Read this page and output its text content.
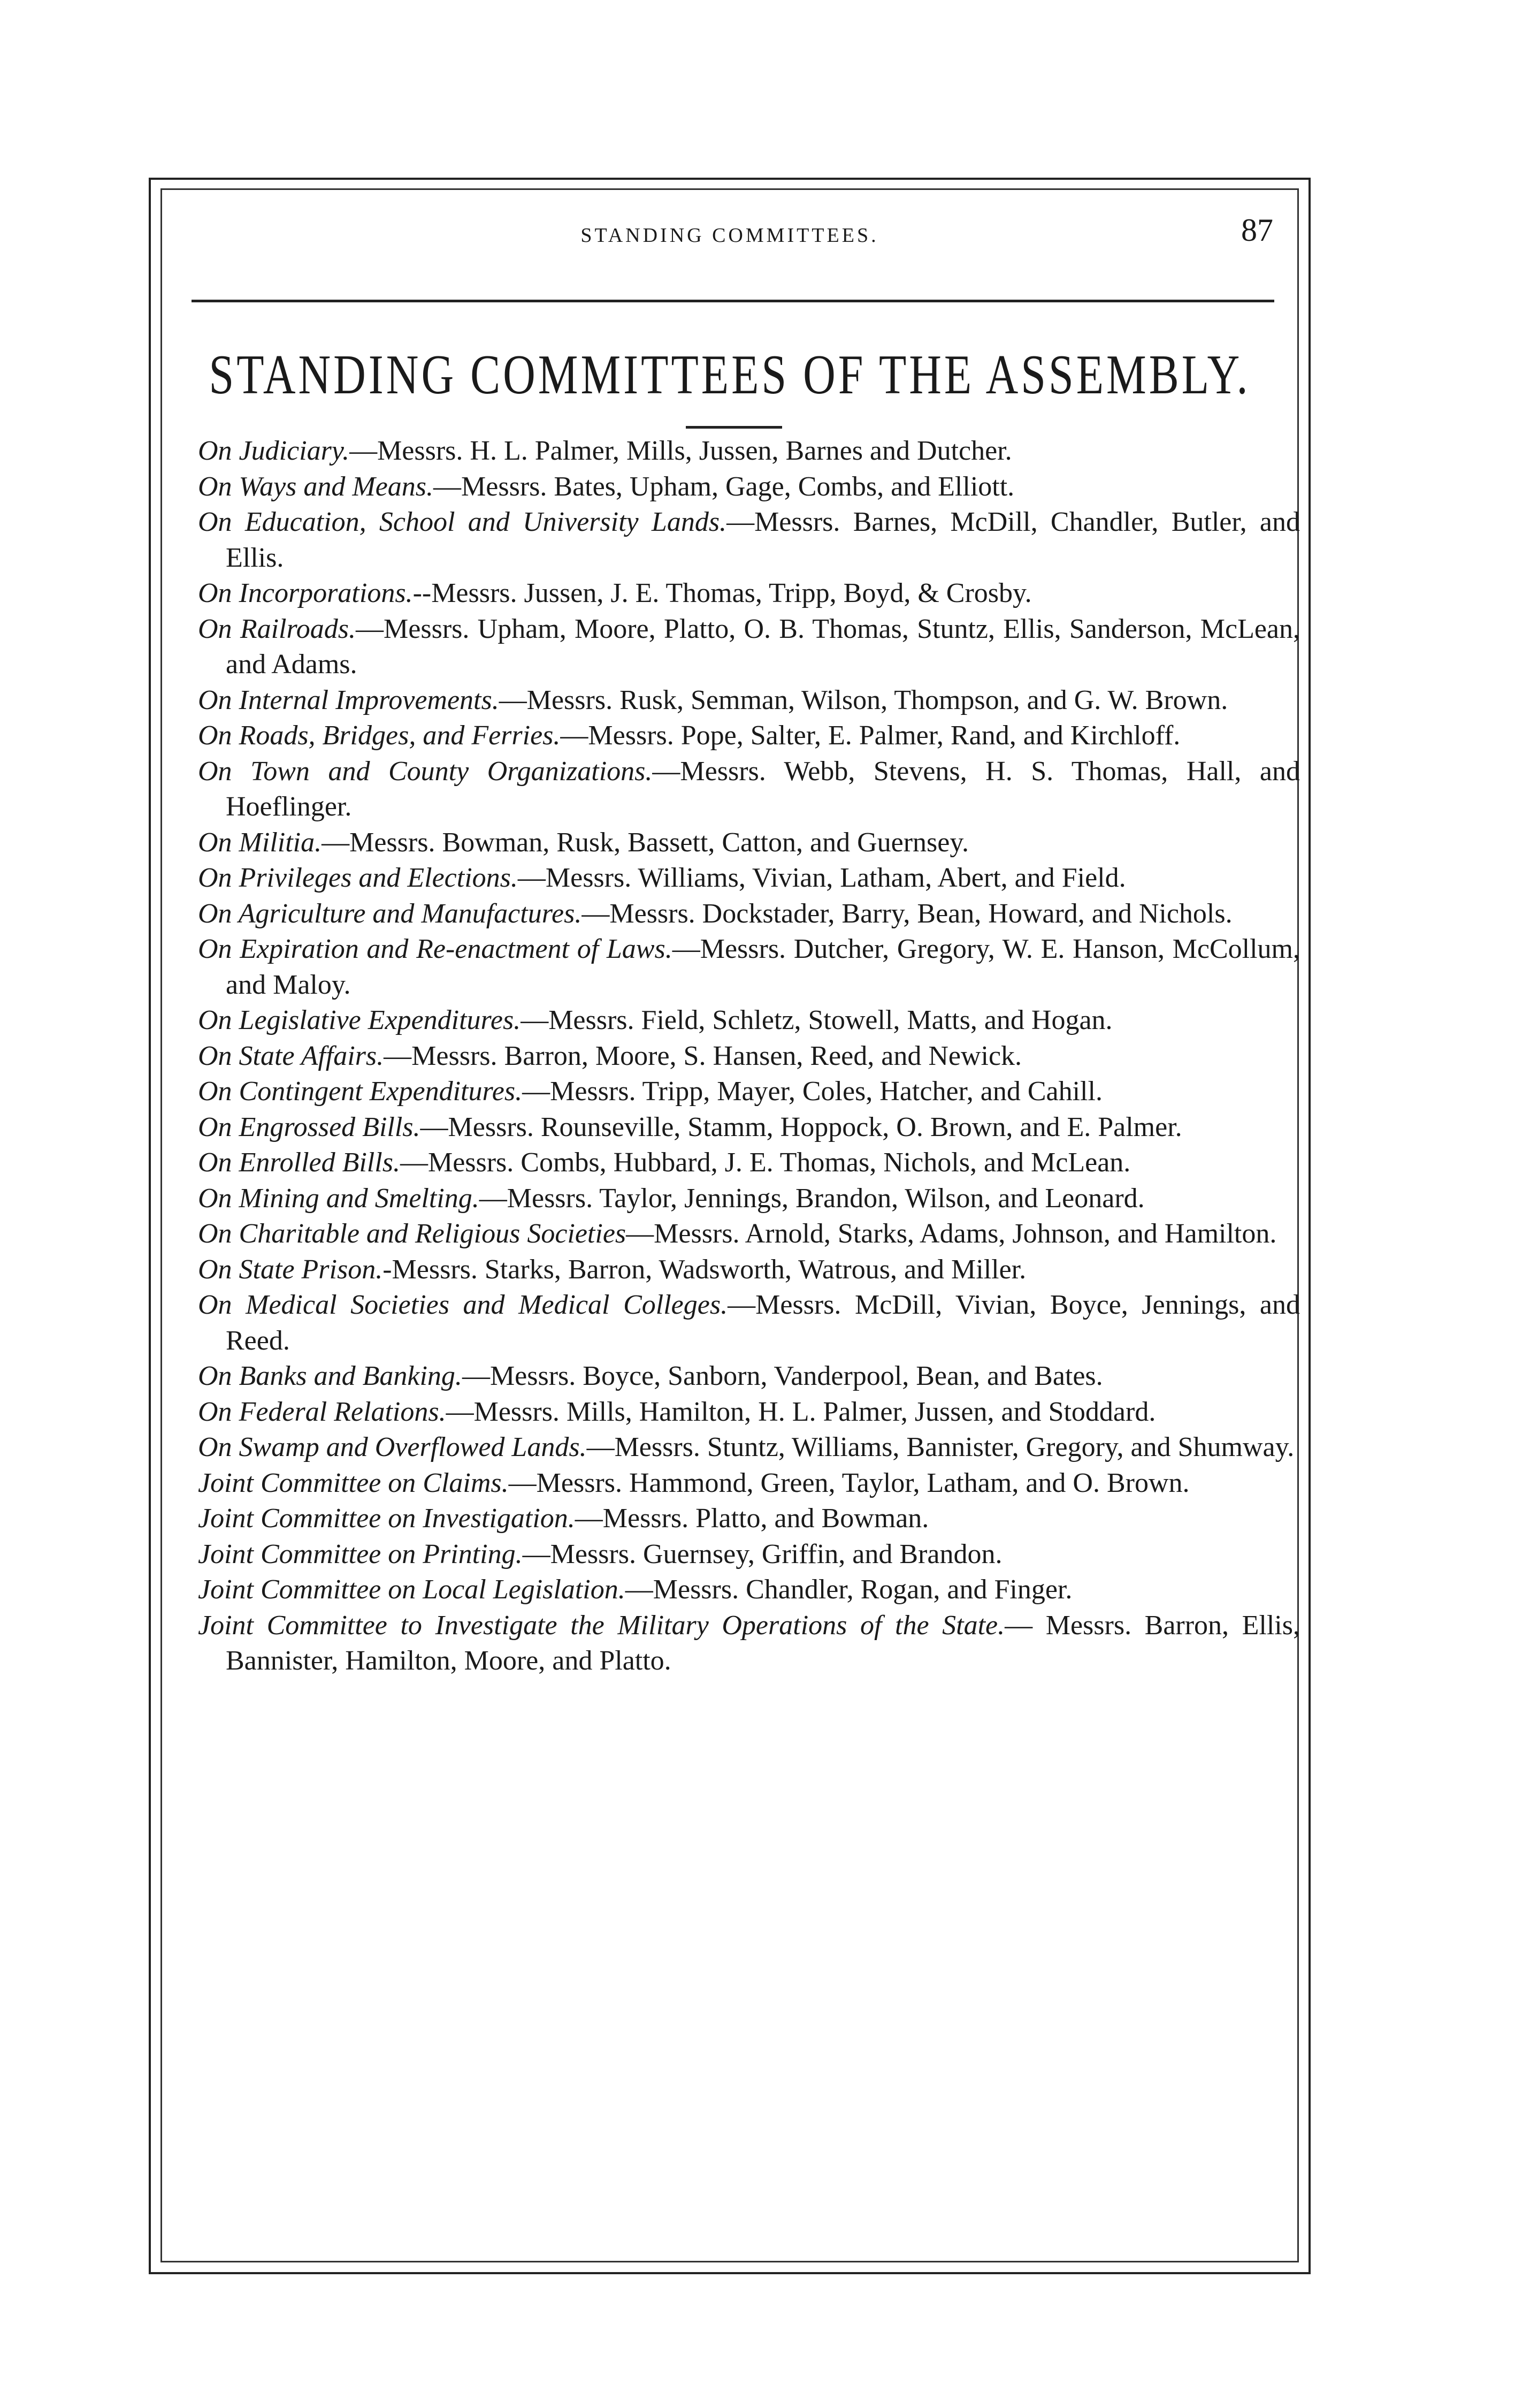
STANDING COMMITTEES.	87
STANDING COMMITTEES OF THE ASSEMBLY.
On Judiciary.—Messrs. H. L. Palmer, Mills, Jussen, Barnes and Dutcher.
On Ways and Means.—Messrs. Bates, Upham, Gage, Combs, and Elliott.
On Education, School and University Lands.—Messrs. Barnes, McDill, Chandler, Butler, and Ellis.
On Incorporations.--Messrs. Jussen, J. E. Thomas, Tripp, Boyd, & Crosby.
On Railroads.—Messrs. Upham, Moore, Platto, O. B. Thomas, Stuntz, Ellis, Sanderson, McLean, and Adams.
On Internal Improvements.—Messrs. Rusk, Semman, Wilson, Thompson, and G. W. Brown.
On Roads, Bridges, and Ferries.—Messrs. Pope, Salter, E. Palmer, Rand, and Kirchloff.
On Town and County Organizations.—Messrs. Webb, Stevens, H. S. Thomas, Hall, and Hoeflinger.
On Militia.—Messrs. Bowman, Rusk, Bassett, Catton, and Guernsey.
On Privileges and Elections.—Messrs. Williams, Vivian, Latham, Abert, and Field.
On Agriculture and Manufactures.—Messrs. Dockstader, Barry, Bean, Howard, and Nichols.
On Expiration and Re-enactment of Laws.—Messrs. Dutcher, Gregory, W. E. Hanson, McCollum, and Maloy.
On Legislative Expenditures.—Messrs. Field, Schletz, Stowell, Matts, and Hogan.
On State Affairs.—Messrs. Barron, Moore, S. Hansen, Reed, and Newick.
On Contingent Expenditures.—Messrs. Tripp, Mayer, Coles, Hatcher, and Cahill.
On Engrossed Bills.—Messrs. Rounseville, Stamm, Hoppock, O. Brown, and E. Palmer.
On Enrolled Bills.—Messrs. Combs, Hubbard, J. E. Thomas, Nichols, and McLean.
On Mining and Smelting.—Messrs. Taylor, Jennings, Brandon, Wilson, and Leonard.
On Charitable and Religious Societies—Messrs. Arnold, Starks, Adams, Johnson, and Hamilton.
On State Prison.-Messrs. Starks, Barron, Wadsworth, Watrous, and Miller.
On Medical Societies and Medical Colleges.—Messrs. McDill, Vivian, Boyce, Jennings, and Reed.
On Banks and Banking.—Messrs. Boyce, Sanborn, Vanderpool, Bean, and Bates.
On Federal Relations.—Messrs. Mills, Hamilton, H. L. Palmer, Jussen, and Stoddard.
On Swamp and Overflowed Lands.—Messrs. Stuntz, Williams, Bannister, Gregory, and Shumway.
Joint Committee on Claims.—Messrs. Hammond, Green, Taylor, Latham, and O. Brown.
Joint Committee on Investigation.—Messrs. Platto, and Bowman.
Joint Committee on Printing.—Messrs. Guernsey, Griffin, and Brandon.
Joint Committee on Local Legislation.—Messrs. Chandler, Rogan, and Finger.
Joint Committee to Investigate the Military Operations of the State.— Messrs. Barron, Ellis, Bannister, Hamilton, Moore, and Platto.
